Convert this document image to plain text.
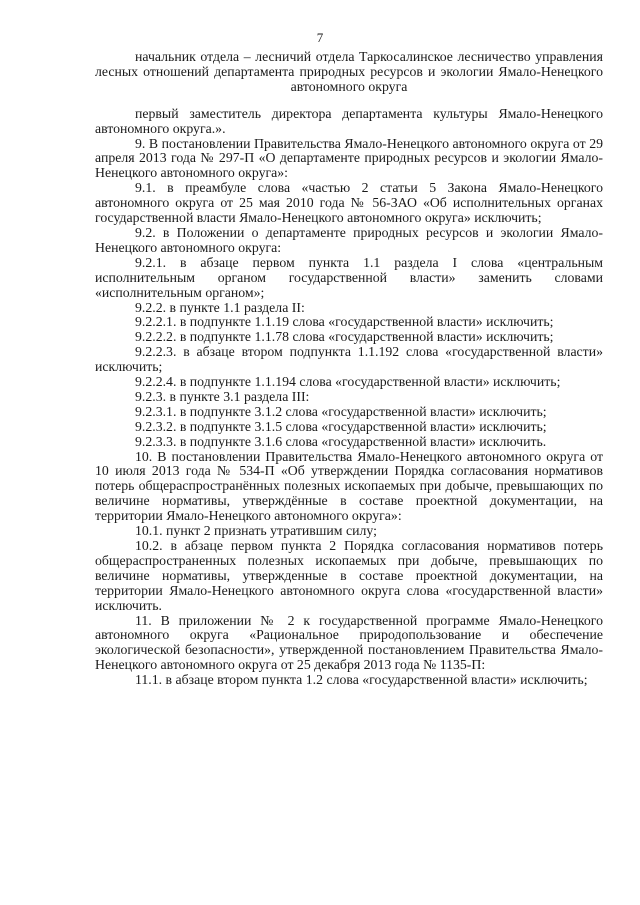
7

начальник отдела – лесничий отдела Таркосалинское лесничество управления лесных отношений департамента природных ресурсов и экологии Ямало-Ненецкого автономного округа

первый заместитель директора департамента культуры Ямало-Ненецкого автономного округа.».

9. В постановлении Правительства Ямало-Ненецкого автономного округа от 29 апреля 2013 года № 297-П «О департаменте природных ресурсов и экологии Ямало-Ненецкого автономного округа»:

9.1. в преамбуле слова «частью 2 статьи 5 Закона Ямало-Ненецкого автономного округа от 25 мая 2010 года № 56-ЗАО «Об исполнительных органах государственной власти Ямало-Ненецкого автономного округа» исключить;

9.2. в Положении о департаменте природных ресурсов и экологии Ямало-Ненецкого автономного округа:

9.2.1. в абзаце первом пункта 1.1 раздела I слова «центральным исполнительным органом государственной власти» заменить словами «исполнительным органом»;

9.2.2. в пункте 1.1 раздела II:

9.2.2.1. в подпункте 1.1.19 слова «государственной власти» исключить;

9.2.2.2. в подпункте 1.1.78 слова «государственной власти» исключить;

9.2.2.3. в абзаце втором подпункта 1.1.192 слова «государственной власти» исключить;

9.2.2.4. в подпункте 1.1.194 слова «государственной власти» исключить;

9.2.3. в пункте 3.1 раздела III:

9.2.3.1. в подпункте 3.1.2 слова «государственной власти» исключить;

9.2.3.2. в подпункте 3.1.5 слова «государственной власти» исключить;

9.2.3.3. в подпункте 3.1.6 слова «государственной власти» исключить.

10. В постановлении Правительства Ямало-Ненецкого автономного округа от 10 июля 2013 года № 534-П «Об утверждении Порядка согласования нормативов потерь общераспространённых полезных ископаемых при добыче, превышающих по величине нормативы, утверждённые в составе проектной документации, на территории Ямало-Ненецкого автономного округа»:

10.1. пункт 2 признать утратившим силу;

10.2. в абзаце первом пункта 2 Порядка согласования нормативов потерь общераспространенных полезных ископаемых при добыче, превышающих по величине нормативы, утвержденные в составе проектной документации, на территории Ямало-Ненецкого автономного округа слова «государственной власти» исключить.

11. В приложении № 2 к государственной программе Ямало-Ненецкого автономного округа «Рациональное природопользование и обеспечение экологической безопасности», утвержденной постановлением Правительства Ямало-Ненецкого автономного округа от 25 декабря 2013 года № 1135-П:

11.1. в абзаце втором пункта 1.2 слова «государственной власти» исключить;
